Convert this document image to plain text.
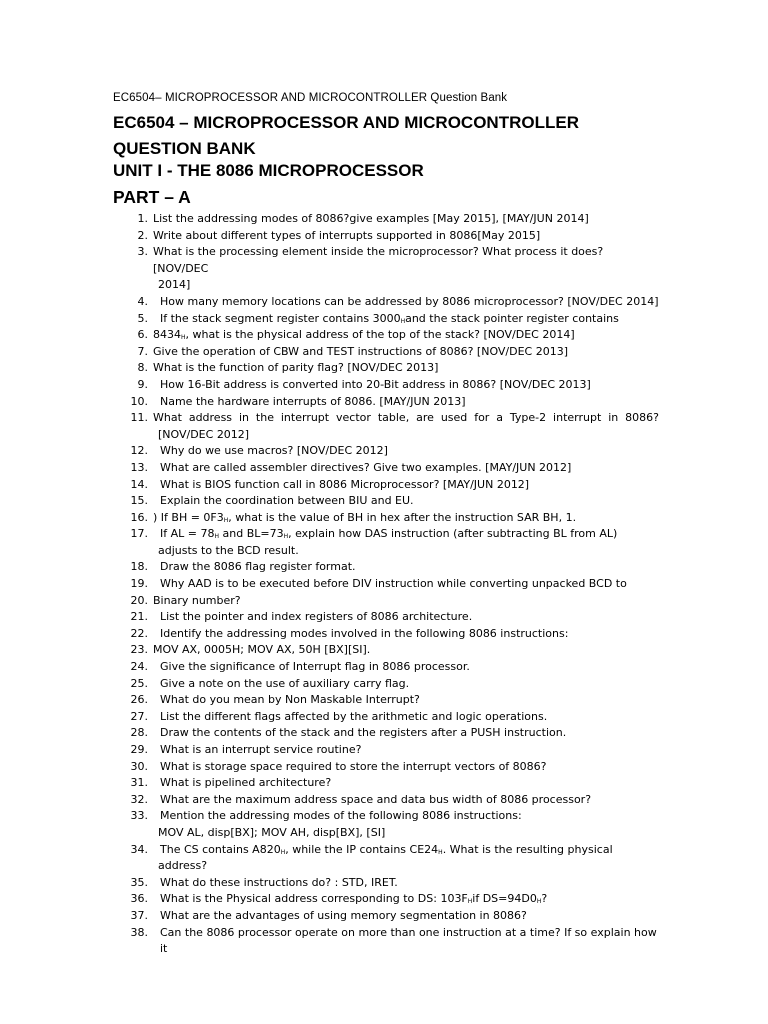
EC6504– MICROPROCESSOR AND MICROCONTROLLER Question Bank
EC6504 – MICROPROCESSOR AND MICROCONTROLLER
QUESTION BANK
UNIT I - THE 8086 MICROPROCESSOR
PART – A
1. List the addressing modes of 8086?give examples [May 2015], [MAY/JUN 2014]
2. Write about different types of interrupts supported in 8086[May 2015]
3. What is the processing element inside the microprocessor? What process it does? [NOV/DEC
2014]
4.	How many memory locations can be addressed by 8086 microprocessor? [NOV/DEC 2014]
5.	If the stack segment register contains $3000_Hand$ the stack pointer register contains
6. $8434_H$, what is the physical address of the top of the stack? [NOV/DEC 2014]
7. Give the operation of CBW and TEST instructions of 8086? [NOV/DEC 2013]
8. What is the function of parity flag? [NOV/DEC 2013]
9.	How 16-Bit address is converted into 20-Bit address in 8086? [NOV/DEC 2013]
10.	Name the hardware interrupts of 8086. [MAY/JUN 2013]
11. What address in the interrupt vector table, are used for a Type-2 interrupt in 8086?
[NOV/DEC 2012]
12.	Why do we use macros? [NOV/DEC 2012]
13.	What are called assembler directives? Give two examples. [MAY/JUN 2012]
14.	What is BIOS function call in 8086 Microprocessor? [MAY/JUN 2012]
15.	Explain the coordination between BIU and EU.
16. ) If BH = $0F3_H$, what is the value of BH in hex after the instruction SAR BH, 1.
17.	If AL = $78_H$ and $BL=73_H$, explain how DAS instruction (after subtracting BL from AL)
adjusts to the BCD result.
18.	Draw the 8086 flag register format.
19.	Why AAD is to be executed before DIV instruction while converting unpacked BCD to
20. Binary number?
21.	List the pointer and index registers of 8086 architecture.
22.	Identify the addressing modes involved in the following 8086 instructions:
23. MOV AX, 0005H; MOV AX, 50H [BX][SI].
24.	Give the significance of Interrupt flag in 8086 processor.
25.	Give a note on the use of auxiliary carry flag.
26.	What do you mean by Non Maskable Interrupt?
27.	List the different flags affected by the arithmetic and logic operations.
28.	Draw the contents of the stack and the registers after a PUSH instruction.
29.	What is an interrupt service routine?
30.	What is storage space required to store the interrupt vectors of 8086?
31.	What is pipelined architecture?
32.	What are the maximum address space and data bus width of 8086 processor?
33.	Mention the addressing modes of the following 8086 instructions:
MOV AL, disp[BX]; MOV AH, disp[BX], [SI]
34.	The CS contains $A820_H$, while the IP contains $CE24_H$. What is the resulting physical
address?
35.	What do these instructions do? : STD, IRET.
36.	What is the Physical address corresponding to DS: $103F_Hif$ $DS=94D0_H$?
37.	What are the advantages of using memory segmentation in 8086?
38.	Can the 8086 processor operate on more than one instruction at a time? If so explain how it
